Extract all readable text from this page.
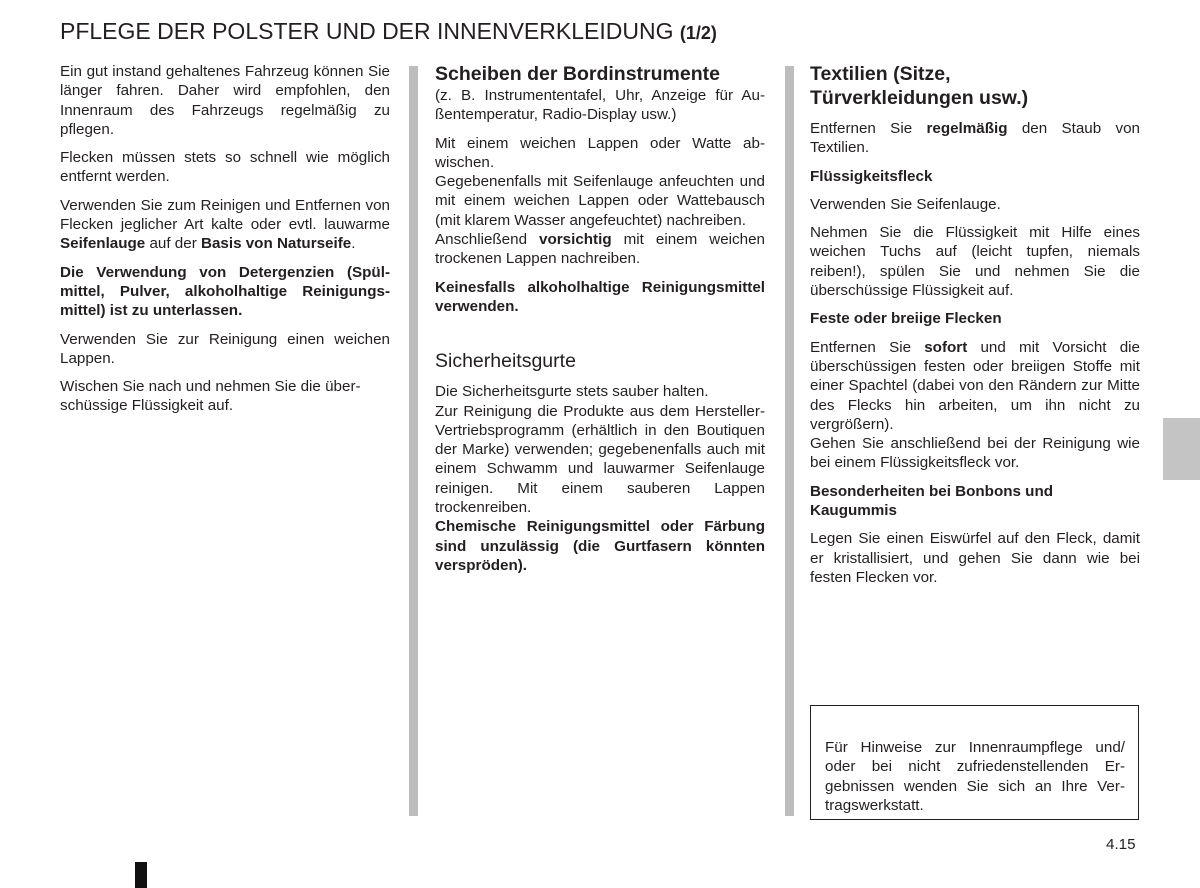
PFLEGE DER POLSTER UND DER INNENVERKLEIDUNG (1/2)

Ein gut instand gehaltenes Fahrzeug können Sie länger fahren. Daher wird empfohlen, den Innenraum des Fahrzeugs regelmäßig zu pflegen.

Flecken müssen stets so schnell wie möglich entfernt werden.

Verwenden Sie zum Reinigen und Entfernen von Flecken jeglicher Art kalte oder evtl. lauwarme Seifenlauge auf der Basis von Naturseife.

Die Verwendung von Detergenzien (Spülmittel, Pulver, alkoholhaltige Reinigungsmittel) ist zu unterlassen.

Verwenden Sie zur Reinigung einen weichen Lappen.

Wischen Sie nach und nehmen Sie die überschüssige Flüssigkeit auf.

Scheiben der Bordinstrumente

(z. B. Instrumententafel, Uhr, Anzeige für Außentemperatur, Radio-Display usw.)

Mit einem weichen Lappen oder Watte abwischen.

Gegebenenfalls mit Seifenlauge anfeuchten und mit einem weichen Lappen oder Wattebausch (mit klarem Wasser angefeuchtet) nachreiben.

Anschließend vorsichtig mit einem weichen trockenen Lappen nachreiben.

Keinesfalls alkoholhaltige Reinigungsmittel verwenden.

Sicherheitsgurte

Die Sicherheitsgurte stets sauber halten.

Zur Reinigung die Produkte aus dem Hersteller-Vertriebsprogramm (erhältlich in den Boutiquen der Marke) verwenden; gegebenenfalls auch mit einem Schwamm und lauwarmer Seifenlauge reinigen. Mit einem sauberen Lappen trockenreiben.

Chemische Reinigungsmittel oder Färbung sind unzulässig (die Gurtfasern könnten verspröden).

Textilien (Sitze,
Türverkleidungen usw.)

Entfernen Sie regelmäßig den Staub von Textilien.

Flüssigkeitsfleck

Verwenden Sie Seifenlauge.

Nehmen Sie die Flüssigkeit mit Hilfe eines weichen Tuchs auf (leicht tupfen, niemals reiben!), spülen Sie und nehmen Sie die überschüssige Flüssigkeit auf.

Feste oder breiige Flecken

Entfernen Sie sofort und mit Vorsicht die überschüssigen festen oder breiigen Stoffe mit einer Spachtel (dabei von den Rändern zur Mitte des Flecks hin arbeiten, um ihn nicht zu vergrößern).

Gehen Sie anschließend bei der Reinigung wie bei einem Flüssigkeitsfleck vor.

Besonderheiten bei Bonbons und Kaugummis

Legen Sie einen Eiswürfel auf den Fleck, damit er kristallisiert, und gehen Sie dann wie bei festen Flecken vor.

Für Hinweise zur Innenraumpflege und/ oder bei nicht zufriedenstellenden Ergebnissen wenden Sie sich an Ihre Vertragswerkstatt.

4.15
